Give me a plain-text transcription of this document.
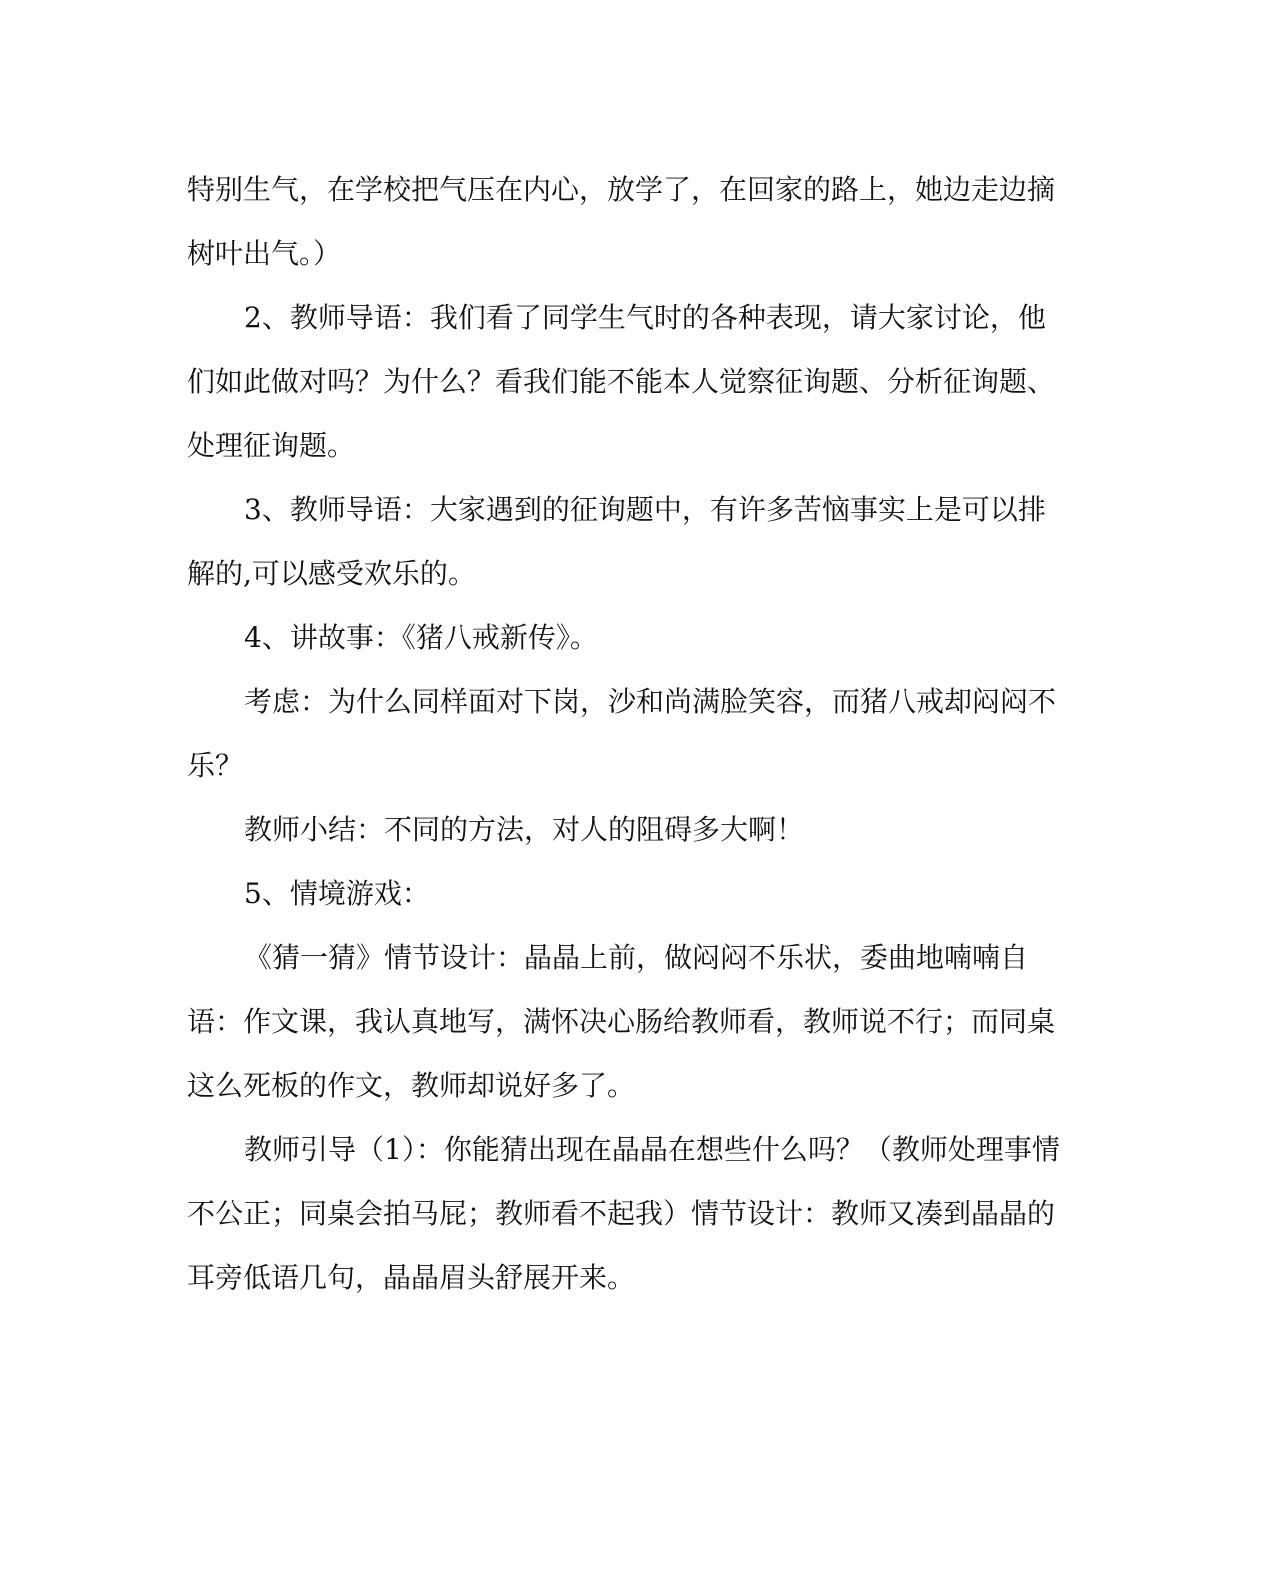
特别生气，在学校把气压在内心，放学了，在回家的路上，她边走边摘树叶出气。）

2、教师导语：我们看了同学生气时的各种表现，请大家讨论，他们如此做对吗？为什么？看我们能不能本人觉察征询题、分析征询题、处理征询题。

3、教师导语：大家遇到的征询题中，有许多苦恼事实上是可以排解的,可以感受欢乐的。

4、讲故事：《猪八戒新传》。

考虑：为什么同样面对下岗，沙和尚满脸笑容，而猪八戒却闷闷不乐？

教师小结：不同的方法，对人的阻碍多大啊！

5、情境游戏：

《猜一猜》情节设计：晶晶上前，做闷闷不乐状，委曲地喃喃自语：作文课，我认真地写，满怀决心肠给教师看，教师说不行；而同桌这么死板的作文，教师却说好多了。

教师引导（1）：你能猜出现在晶晶在想些什么吗？（教师处理事情不公正；同桌会拍马屁；教师看不起我）情节设计：教师又凑到晶晶的耳旁低语几句，晶晶眉头舒展开来。
